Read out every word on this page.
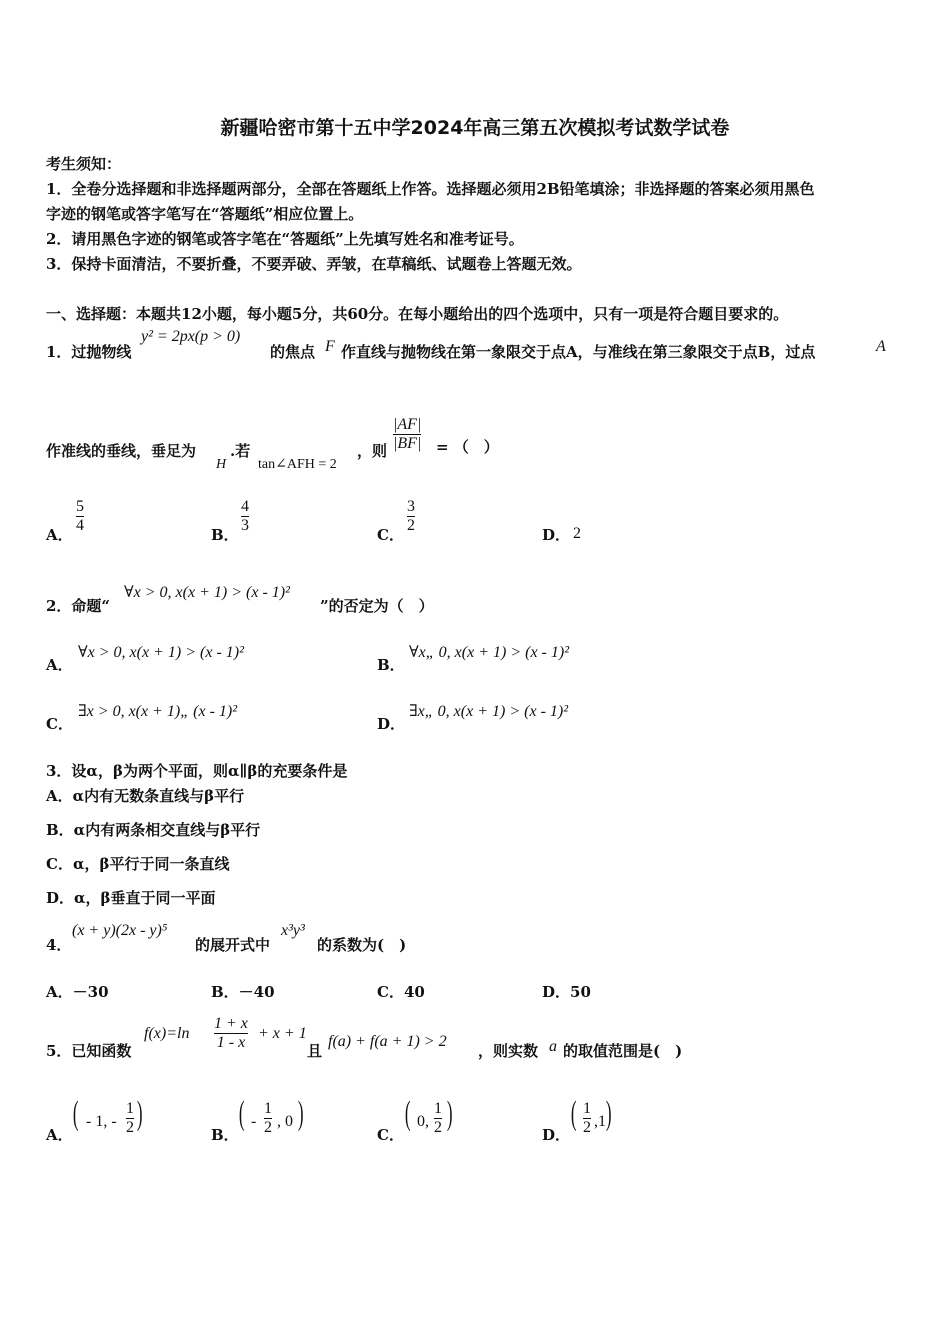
新疆哈密市第十五中学2024年高三第五次模拟考试数学试卷
考生须知：
1．全卷分选择题和非选择题两部分，全部在答题纸上作答。选择题必须用2B铅笔填涂；非选择题的答案必须用黑色
字迹的钢笔或答字笔写在“答题纸”相应位置上。
2．请用黑色字迹的钢笔或答字笔在“答题纸”上先填写姓名和准考证号。
3．保持卡面清洁，不要折叠，不要弄破、弄皱，在草稿纸、试题卷上答题无效。
一、选择题：本题共12小题，每小题5分，共60分。在每小题给出的四个选项中，只有一项是符合题目要求的。
1．过抛物线
y² = 2px(p > 0)
的焦点 F 作直线与抛物线在第一象限交于点A，与准线在第三象限交于点B，过点	A
作准线的垂线，垂足为
H
.若
tan∠AFH = 2
，则
|AF|
|BF| = （　）
A．
5
4
B．
4
3
C．
3
2
D． 2
2．命题“
∀x > 0, x(x + 1) > (x - 1)²
”的否定为（　）
A．
∀x > 0, x(x + 1) > (x - 1)²
B．
∀x„ 0, x(x + 1) > (x - 1)²
C．
∃x > 0, x(x + 1)„ (x - 1)²
D．
∃x„ 0, x(x + 1) > (x - 1)²
3．设α，β为两个平面，则α∥β的充要条件是
A．α内有无数条直线与β平行
B．α内有两条相交直线与β平行
C．α，β平行于同一条直线
D．α，β垂直于同一平面
4．
(x + y)(2x - y)⁵
的展开式中
x³y³
的系数为(　)
A．－30	B．－40	C．40	D．50
5．已知函数
f(x)=ln
1 + x
1 - x
+ x + 1
且
f(a) + f(a + 1) > 2
，则实数 a 的取值范围是(　)
A．
( - 1, -
1
2 )
B．
( -
1
2 , 0 )
C．
( 0,
1
2 )
D．
( 1
2 ,1 )
